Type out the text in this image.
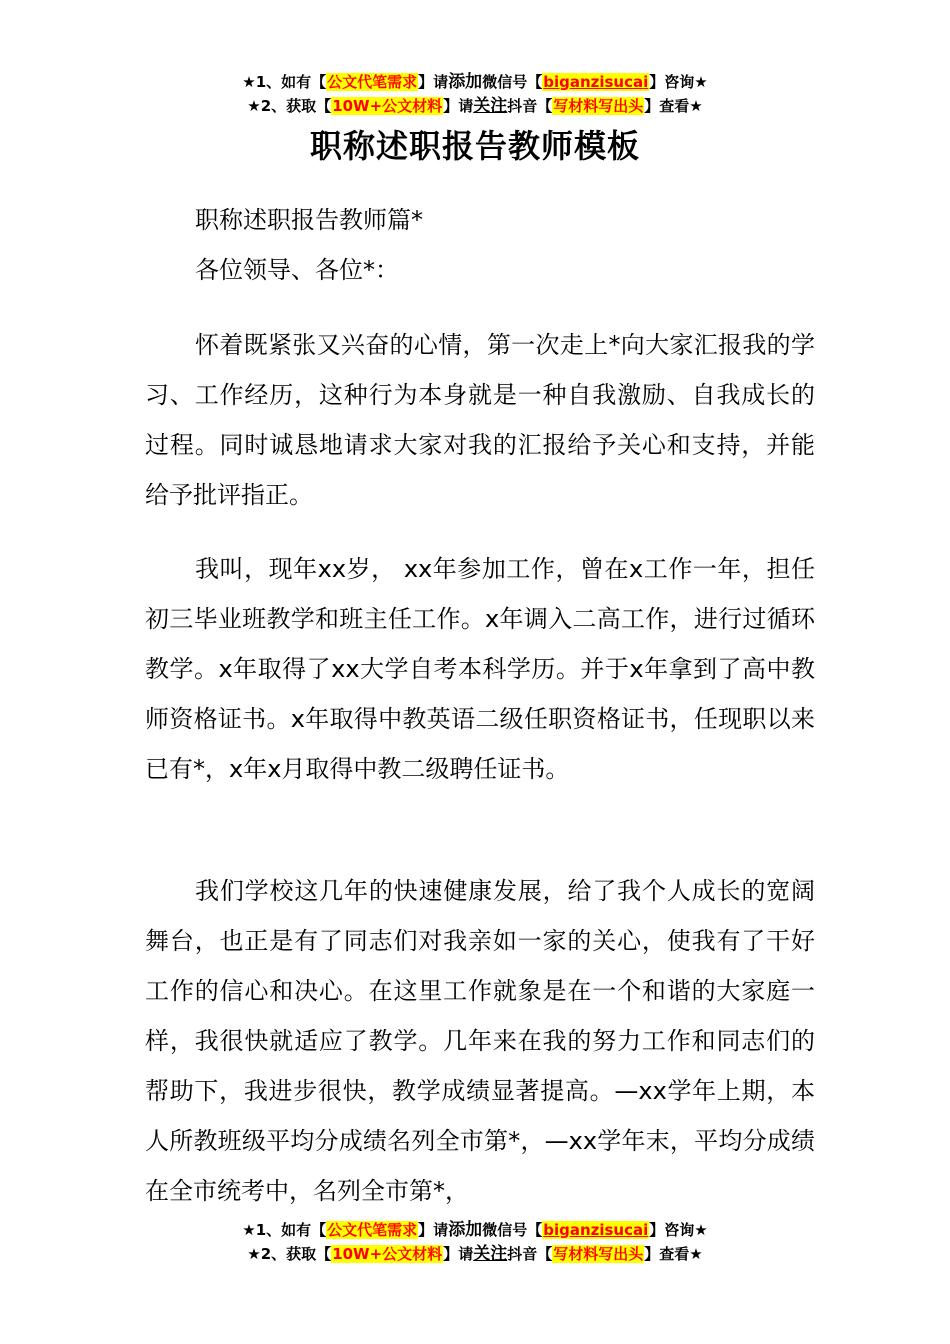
★1、如有【公文代笔需求】请添加微信号【biganzisucai】咨询★
★2、获取【10W+公文材料】请关注抖音【写材料写出头】查看★
职称述职报告教师模板

职称述职报告教师篇*

各位领导、各位*：

怀着既紧张又兴奋的心情，第一次走上*向大家汇报我的学习、工作经历，这种行为本身就是一种自我激励、自我成长的过程。同时诚恳地请求大家对我的汇报给予关心和支持，并能给予批评指正。

我叫，现年xx岁， xx年参加工作，曾在x工作一年，担任初三毕业班教学和班主任工作。x年调入二高工作，进行过循环教学。x年取得了xx大学自考本科学历。并于x年拿到了高中教师资格证书。x年取得中教英语二级任职资格证书，任现职以来已有*，x年x月取得中教二级聘任证书。

我们学校这几年的快速健康发展，给了我个人成长的宽阔舞台，也正是有了同志们对我亲如一家的关心，使我有了干好工作的信心和决心。在这里工作就象是在一个和谐的大家庭一样，我很快就适应了教学。几年来在我的努力工作和同志们的帮助下，我进步很快，教学成绩显著提高。—xx学年上期，本人所教班级平均分成绩名列全市第*，—xx学年末，平均分成绩在全市统考中，名列全市第*，

★1、如有【公文代笔需求】请添加微信号【biganzisucai】咨询★
★2、获取【10W+公文材料】请关注抖音【写材料写出头】查看★
